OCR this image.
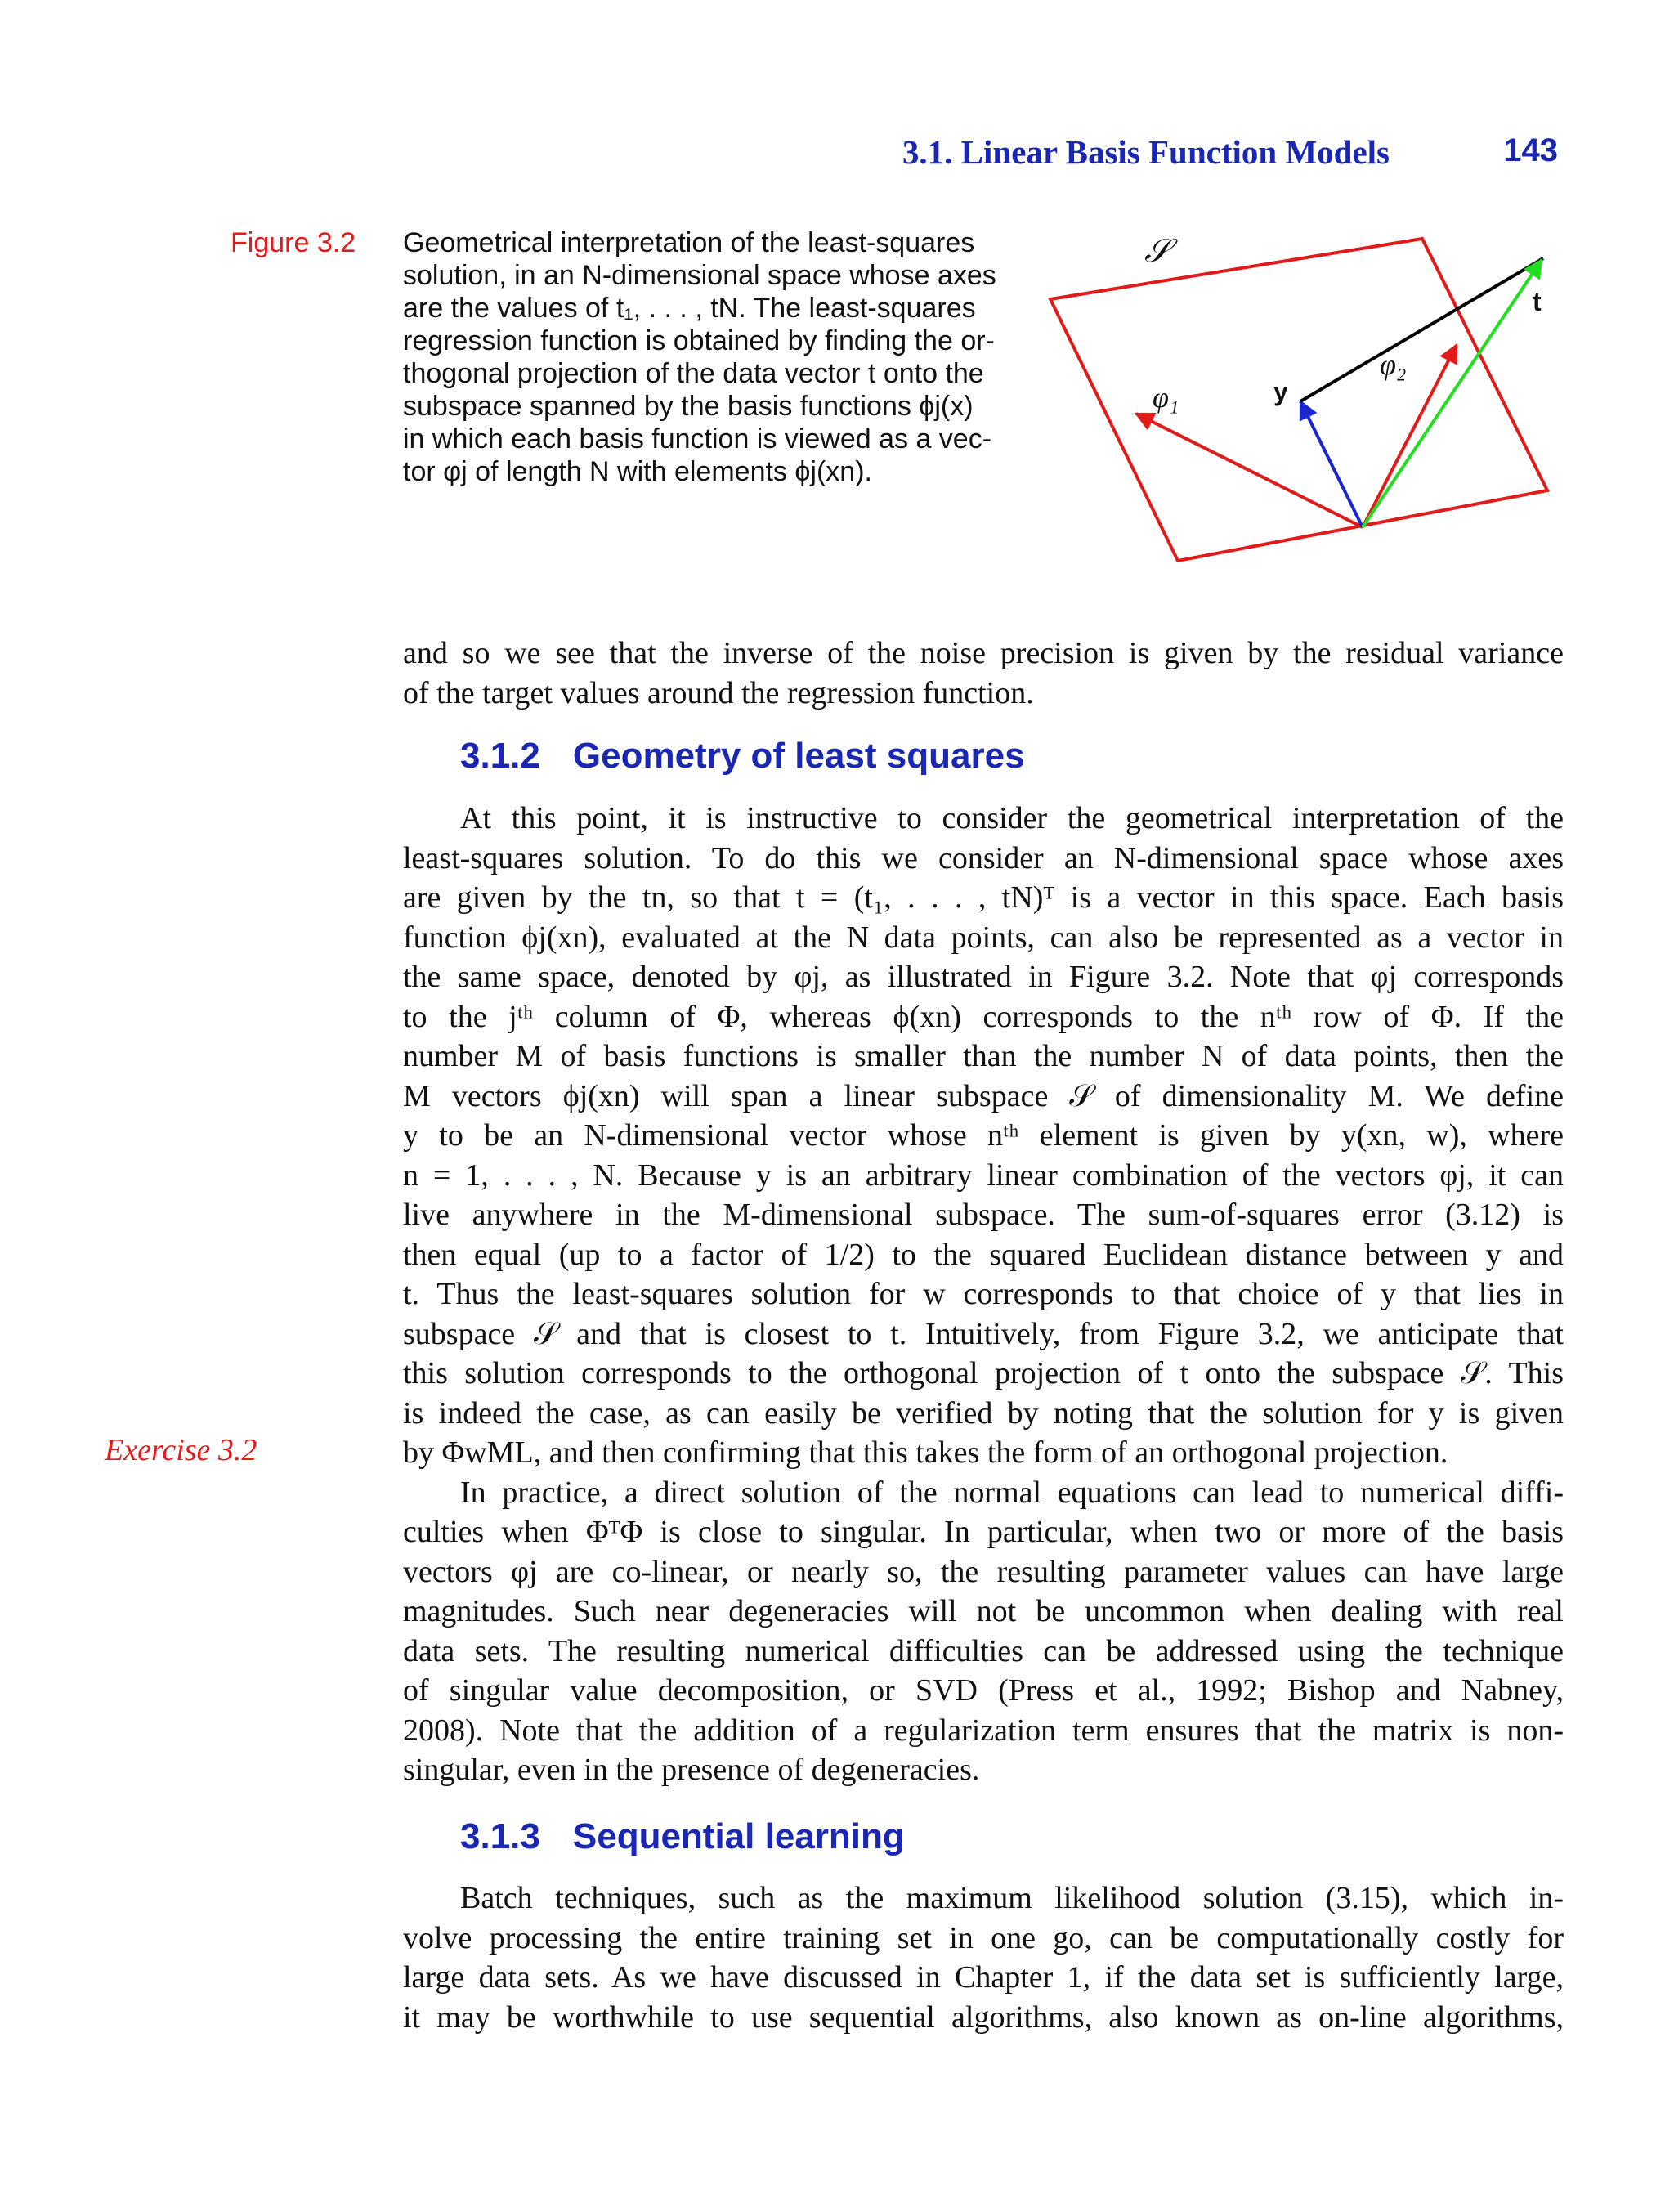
3.1. Linear Basis Function Models	143
Figure 3.2 Geometrical interpretation of the least-squares
solution, in an N-dimensional space whose axes
are the values of t₁, . . . , tN. The least-squares
regression function is obtained by finding the or-
thogonal projection of the data vector t onto the
subspace spanned by the basis functions ϕj(x)
in which each basis function is viewed as a vec-
tor φj of length N with elements ϕj(xn).
𝒮
t
y
φ₁
φ₂
and so we see that the inverse of the noise precision is given by the residual variance
of the target values around the regression function.
3.1.2 Geometry of least squares
At this point, it is instructive to consider the geometrical interpretation of the
least-squares solution. To do this we consider an N-dimensional space whose axes
are given by the tn, so that t = (t₁, . . . , tN)ᵀ is a vector in this space. Each basis
function ϕj(xn), evaluated at the N data points, can also be represented as a vector in
the same space, denoted by φj, as illustrated in Figure 3.2. Note that φj corresponds
to the jᵗʰ column of Φ, whereas ϕ(xn) corresponds to the nᵗʰ row of Φ. If the
number M of basis functions is smaller than the number N of data points, then the
M vectors ϕj(xn) will span a linear subspace 𝒮 of dimensionality M. We define
y to be an N-dimensional vector whose nᵗʰ element is given by y(xn, w), where
n = 1, . . . , N. Because y is an arbitrary linear combination of the vectors φj, it can
live anywhere in the M-dimensional subspace. The sum-of-squares error (3.12) is
then equal (up to a factor of 1/2) to the squared Euclidean distance between y and
t. Thus the least-squares solution for w corresponds to that choice of y that lies in
subspace 𝒮 and that is closest to t. Intuitively, from Figure 3.2, we anticipate that
this solution corresponds to the orthogonal projection of t onto the subspace 𝒮. This
is indeed the case, as can easily be verified by noting that the solution for y is given
by ΦwML, and then confirming that this takes the form of an orthogonal projection.
In practice, a direct solution of the normal equations can lead to numerical diffi-
culties when ΦᵀΦ is close to singular. In particular, when two or more of the basis
vectors φj are co-linear, or nearly so, the resulting parameter values can have large
magnitudes. Such near degeneracies will not be uncommon when dealing with real
data sets. The resulting numerical difficulties can be addressed using the technique
of singular value decomposition, or SVD (Press et al., 1992; Bishop and Nabney,
2008). Note that the addition of a regularization term ensures that the matrix is non-
singular, even in the presence of degeneracies.
Exercise 3.2
3.1.3 Sequential learning
Batch techniques, such as the maximum likelihood solution (3.15), which in-
volve processing the entire training set in one go, can be computationally costly for
large data sets. As we have discussed in Chapter 1, if the data set is sufficiently large,
it may be worthwhile to use sequential algorithms, also known as on-line algorithms,
